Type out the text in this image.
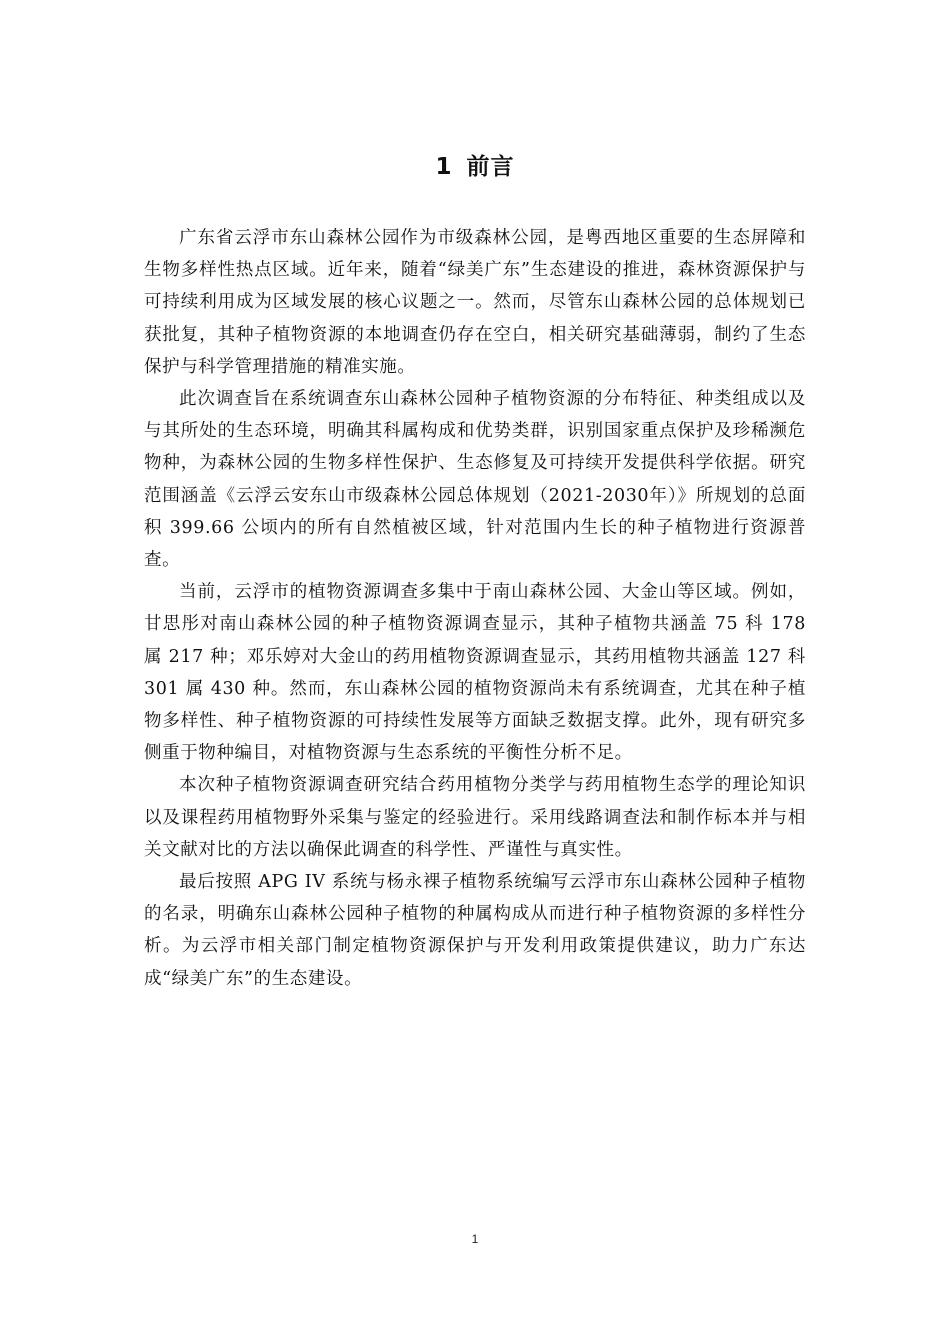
1 前言

广东省云浮市东山森林公园作为市级森林公园，是粤西地区重要的生态屏障和生物多样性热点区域。近年来，随着“绿美广东”生态建设的推进，森林资源保护与可持续利用成为区域发展的核心议题之一。然而，尽管东山森林公园的总体规划已获批复，其种子植物资源的本地调查仍存在空白，相关研究基础薄弱，制约了生态保护与科学管理措施的精准实施。

此次调查旨在系统调查东山森林公园种子植物资源的分布特征、种类组成以及与其所处的生态环境，明确其科属构成和优势类群，识别国家重点保护及珍稀濒危物种，为森林公园的生物多样性保护、生态修复及可持续开发提供科学依据。研究范围涵盖《云浮云安东山市级森林公园总体规划（2021-2030年）》所规划的总面积 399.66 公顷内的所有自然植被区域，针对范围内生长的种子植物进行资源普查。

当前，云浮市的植物资源调查多集中于南山森林公园、大金山等区域。例如，甘思彤对南山森林公园的种子植物资源调查显示，其种子植物共涵盖 75 科 178 属 217 种；邓乐婷对大金山的药用植物资源调查显示，其药用植物共涵盖 127 科 301 属 430 种。然而，东山森林公园的植物资源尚未有系统调查，尤其在种子植物多样性、种子植物资源的可持续性发展等方面缺乏数据支撑。此外，现有研究多侧重于物种编目，对植物资源与生态系统的平衡性分析不足。

本次种子植物资源调查研究结合药用植物分类学与药用植物生态学的理论知识以及课程药用植物野外采集与鉴定的经验进行。采用线路调查法和制作标本并与相关文献对比的方法以确保此调查的科学性、严谨性与真实性。

最后按照 APG IV 系统与杨永裸子植物系统编写云浮市东山森林公园种子植物的名录，明确东山森林公园种子植物的种属构成从而进行种子植物资源的多样性分析。为云浮市相关部门制定植物资源保护与开发利用政策提供建议，助力广东达成“绿美广东”的生态建设。

1
